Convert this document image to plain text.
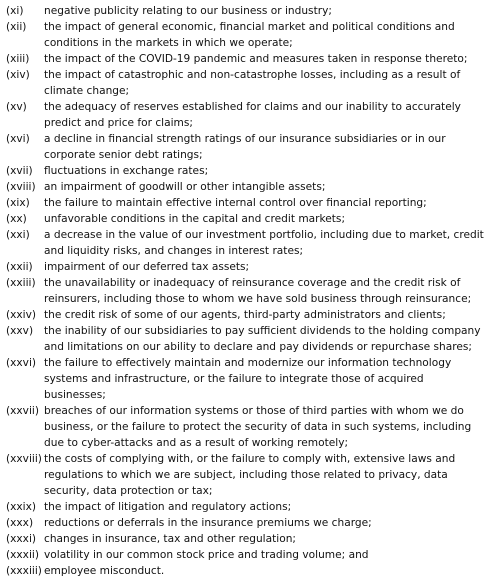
(xi) negative publicity relating to our business or industry;
(xii) the impact of general economic, financial market and political conditions and conditions in the markets in which we operate;
(xiii) the impact of the COVID-19 pandemic and measures taken in response thereto;
(xiv) the impact of catastrophic and non-catastrophe losses, including as a result of climate change;
(xv) the adequacy of reserves established for claims and our inability to accurately predict and price for claims;
(xvi) a decline in financial strength ratings of our insurance subsidiaries or in our corporate senior debt ratings;
(xvii) fluctuations in exchange rates;
(xviii) an impairment of goodwill or other intangible assets;
(xix) the failure to maintain effective internal control over financial reporting;
(xx) unfavorable conditions in the capital and credit markets;
(xxi) a decrease in the value of our investment portfolio, including due to market, credit and liquidity risks, and changes in interest rates;
(xxii) impairment of our deferred tax assets;
(xxiii) the unavailability or inadequacy of reinsurance coverage and the credit risk of reinsurers, including those to whom we have sold business through reinsurance;
(xxiv) the credit risk of some of our agents, third-party administrators and clients;
(xxv) the inability of our subsidiaries to pay sufficient dividends to the holding company and limitations on our ability to declare and pay dividends or repurchase shares;
(xxvi) the failure to effectively maintain and modernize our information technology systems and infrastructure, or the failure to integrate those of acquired businesses;
(xxvii) breaches of our information systems or those of third parties with whom we do business, or the failure to protect the security of data in such systems, including due to cyber-attacks and as a result of working remotely;
(xxviii) the costs of complying with, or the failure to comply with, extensive laws and regulations to which we are subject, including those related to privacy, data security, data protection or tax;
(xxix) the impact of litigation and regulatory actions;
(xxx) reductions or deferrals in the insurance premiums we charge;
(xxxi) changes in insurance, tax and other regulation;
(xxxii) volatility in our common stock price and trading volume; and
(xxxiii) employee misconduct.
